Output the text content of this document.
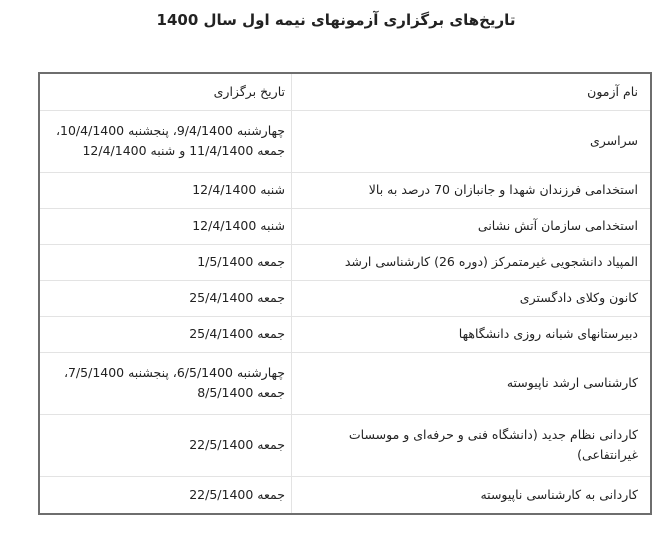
تاریخ‌های برگزاری آزمونهای نیمه اول سال 1400
نام آزمون	تاریخ برگزاری
سراسری	چهارشنبه 9/4/1400، پنجشنبه 10/4/1400، جمعه 11/4/1400 و شنبه 12/4/1400
استخدامی فرزندان شهدا و جانبازان 70 درصد به بالا	شنبه 12/4/1400
استخدامی سازمان آتش نشانی	شنبه 12/4/1400
المپیاد دانشجویی غیرمتمرکز (دوره 26) کارشناسی ارشد	جمعه 1/5/1400
کانون وکلای دادگستری	جمعه 25/4/1400
دبیرستانهای شبانه روزی دانشگاهها	جمعه 25/4/1400
کارشناسی ارشد ناپیوسته	چهارشنبه 6/5/1400، پنجشنبه 7/5/1400، جمعه 8/5/1400
کاردانی نظام جدید (دانشگاه فنی و حرفه‌ای و موسسات غیرانتفاعی)	جمعه 22/5/1400
کاردانی به کارشناسی ناپیوسته	جمعه 22/5/1400
